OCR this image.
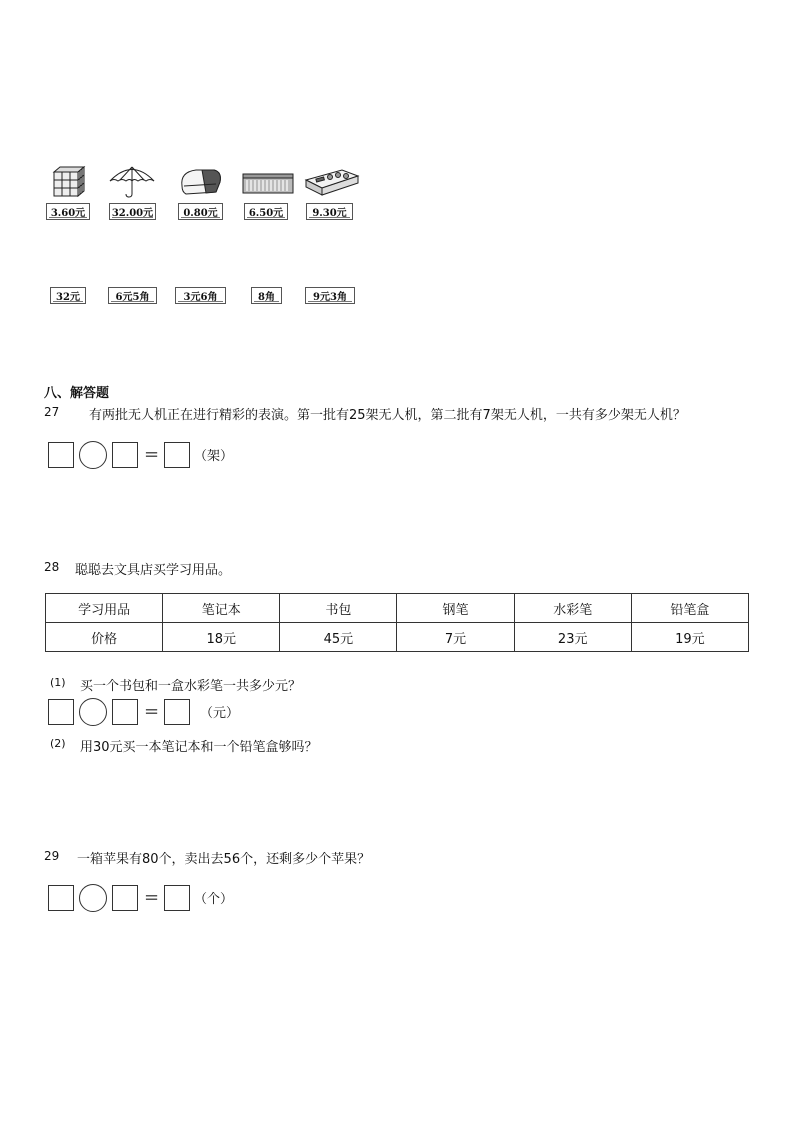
3.60元	32.00元	0.80元	6.50元	9.30元
32元	6元5角	3元6角	8角	9元3角
八、解答题
27 有两批无人机正在进行精彩的表演。第一批有25架无人机，第二批有7架无人机，一共有多少架无人机？
=	（架）
28 聪聪去文具店买学习用品。
学习用品	笔记本	书包	钢笔	水彩笔	铅笔盒
价格	18元	45元	7元	23元	19元
(1) 买一个书包和一盒水彩笔一共多少元？
=	（元）
(2) 用30元买一本笔记本和一个铅笔盒够吗？
29 一箱苹果有80个，卖出去56个，还剩多少个苹果？
=	（个）
